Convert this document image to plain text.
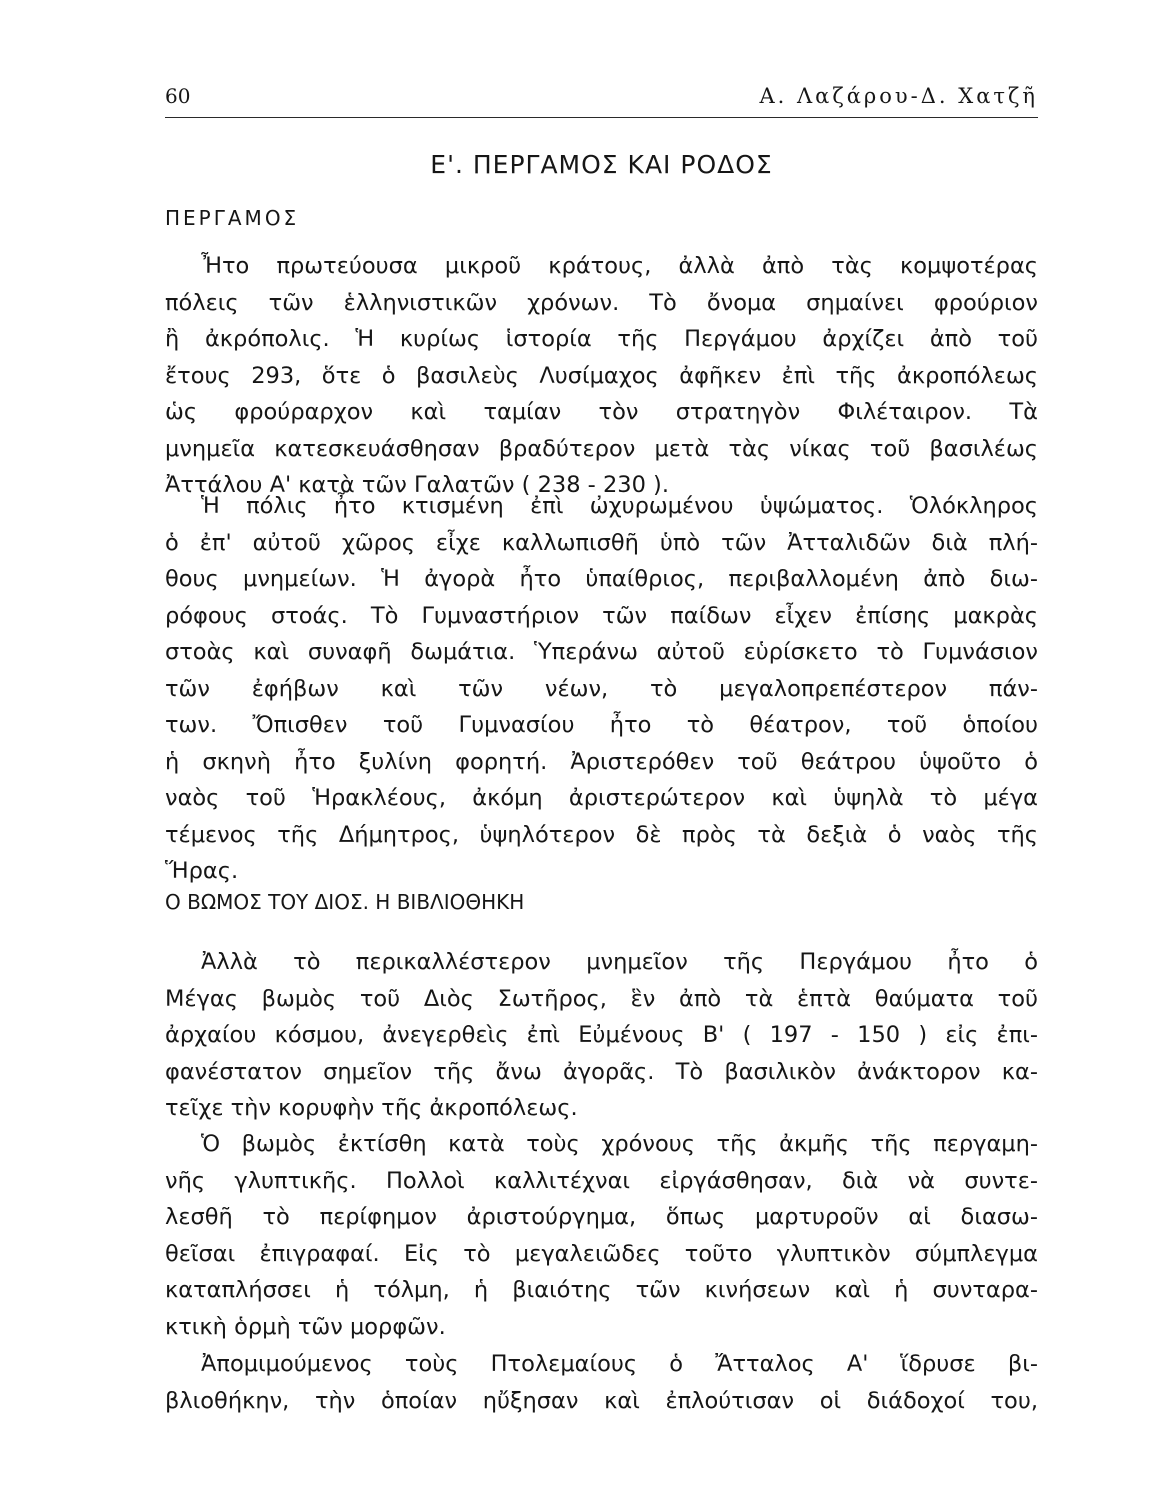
60	Α. Λαζάρου-Δ. Χατζῆ
Ε'. ΠΕΡΓΑΜΟΣ ΚΑΙ ΡΟΔΟΣ
ΠΕΡΓΑΜΟΣ
Ἦτο πρωτεύουσα μικροῦ κράτους, ἀλλὰ ἀπὸ τὰς κομψοτέρας
πόλεις τῶν ἑλληνιστικῶν χρόνων. Τὸ ὄνομα σημαίνει φρούριον
ἢ ἀκρόπολις. Ἡ κυρίως ἱστορία τῆς Περγάμου ἀρχίζει ἀπὸ τοῦ
ἔτους 293, ὅτε ὁ βασιλεὺς Λυσίμαχος ἀφῆκεν ἐπὶ τῆς ἀκροπόλεως
ὡς φρούραρχον καὶ ταμίαν τὸν στρατηγὸν Φιλέταιρον. Τὰ
μνημεῖα κατεσκευάσθησαν βραδύτερον μετὰ τὰς νίκας τοῦ βασιλέως
Ἀττάλου Α' κατὰ τῶν Γαλατῶν ( 238 - 230 ).
Ἡ πόλις ἦτο κτισμένη ἐπὶ ὠχυρωμένου ὑψώματος. Ὁλόκληρος
ὁ ἐπ' αὐτοῦ χῶρος εἶχε καλλωπισθῆ ὑπὸ τῶν Ἀτταλιδῶν διὰ πλή-
θους μνημείων. Ἡ ἀγορὰ ἦτο ὑπαίθριος, περιβαλλομένη ἀπὸ διω-
ρόφους στοάς. Τὸ Γυμναστήριον τῶν παίδων εἶχεν ἐπίσης μακρὰς
στοὰς καὶ συναφῆ δωμάτια. Ὑπεράνω αὐτοῦ εὑρίσκετο τὸ Γυμνάσιον
τῶν ἐφήβων καὶ τῶν νέων, τὸ μεγαλοπρεπέστερον πάν-
των. Ὄπισθεν τοῦ Γυμνασίου ἦτο τὸ θέατρον, τοῦ ὁποίου
ἡ σκηνὴ ἦτο ξυλίνη φορητή. Ἀριστερόθεν τοῦ θεάτρου ὑψοῦτο ὁ
ναὸς τοῦ Ἡρακλέους, ἀκόμη ἀριστερώτερον καὶ ὑψηλὰ τὸ μέγα
τέμενος τῆς Δήμητρος, ὑψηλότερον δὲ πρὸς τὰ δεξιὰ ὁ ναὸς τῆς
Ἥρας.
Ο ΒΩΜΟΣ ΤΟΥ ΔΙΟΣ. Η ΒΙΒΛΙΟΘΗΚΗ
Ἀλλὰ τὸ περικαλλέστερον μνημεῖον τῆς Περγάμου ἦτο ὁ
Μέγας βωμὸς τοῦ Διὸς Σωτῆρος, ἓν ἀπὸ τὰ ἑπτὰ θαύματα τοῦ
ἀρχαίου κόσμου, ἀνεγερθεὶς ἐπὶ Εὐμένους Β' ( 197 - 150 ) εἰς ἐπι-
φανέστατον σημεῖον τῆς ἄνω ἀγορᾶς. Τὸ βασιλικὸν ἀνάκτορον κα-
τεῖχε τὴν κορυφὴν τῆς ἀκροπόλεως.
Ὁ βωμὸς ἐκτίσθη κατὰ τοὺς χρόνους τῆς ἀκμῆς τῆς περγαμη-
νῆς γλυπτικῆς. Πολλοὶ καλλιτέχναι εἰργάσθησαν, διὰ νὰ συντε-
λεσθῆ τὸ περίφημον ἀριστούργημα, ὅπως μαρτυροῦν αἱ διασω-
θεῖσαι ἐπιγραφαί. Εἰς τὸ μεγαλειῶδες τοῦτο γλυπτικὸν σύμπλεγμα
καταπλήσσει ἡ τόλμη, ἡ βιαιότης τῶν κινήσεων καὶ ἡ συνταρα-
κτικὴ ὁρμὴ τῶν μορφῶν.
Ἀπομιμούμενος τοὺς Πτολεμαίους ὁ Ἄτταλος Α' ἵδρυσε βι-
βλιοθήκην, τὴν ὁποίαν ηὔξησαν καὶ ἐπλούτισαν οἱ διάδοχοί του,
